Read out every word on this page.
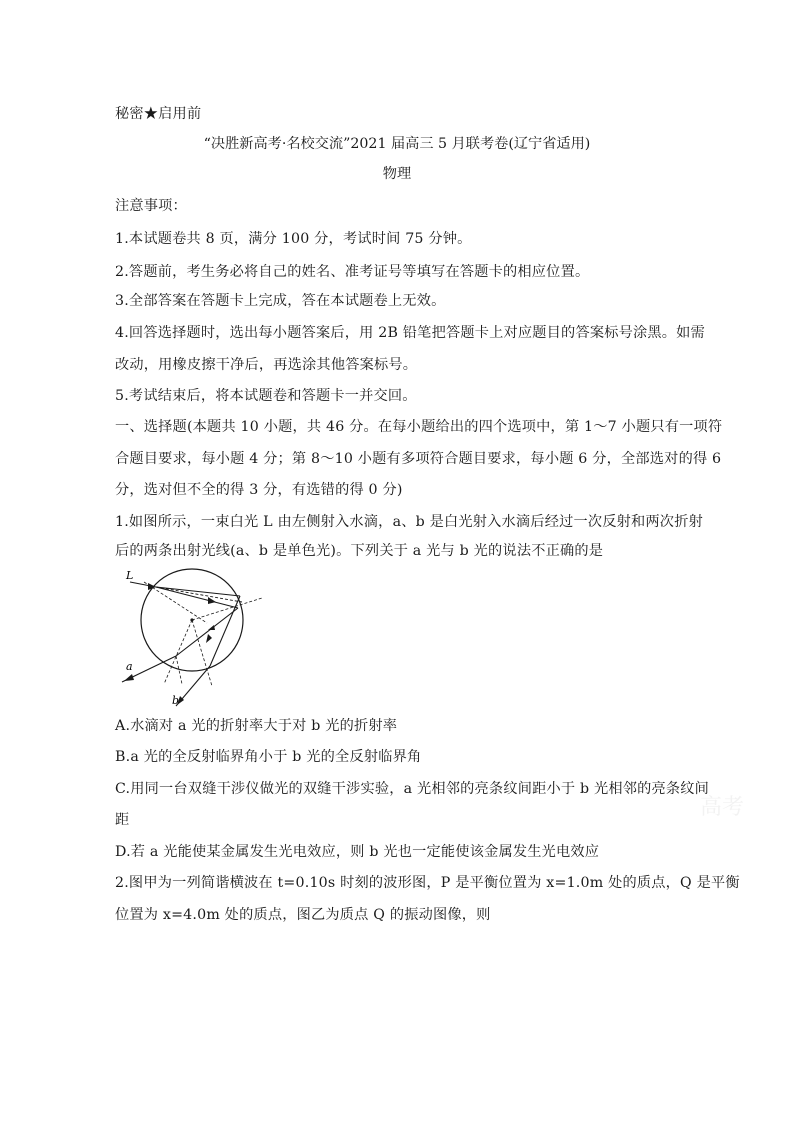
秘密★启用前
“决胜新高考·名校交流”2021 届高三 5 月联考卷(辽宁省适用)
物理
注意事项：
1.本试题卷共 8 页，满分 100 分，考试时间 75 分钟。
2.答题前，考生务必将自己的姓名、准考证号等填写在答题卡的相应位置。
3.全部答案在答题卡上完成，答在本试题卷上无效。
4.回答选择题时，选出每小题答案后，用 2B 铅笔把答题卡上对应题目的答案标号涂黑。如需
改动，用橡皮擦干净后，再选涂其他答案标号。
5.考试结束后，将本试题卷和答题卡一并交回。
一、选择题(本题共 10 小题，共 46 分。在每小题给出的四个选项中，第 1～7 小题只有一项符
合题目要求，每小题 4 分；第 8～10 小题有多项符合题目要求，每小题 6 分，全部选对的得 6
分，选对但不全的得 3 分，有选错的得 0 分)
1.如图所示，一束白光 L 由左侧射入水滴，a、b 是白光射入水滴后经过一次反射和两次折射
后的两条出射光线(a、b 是单色光)。下列关于 a 光与 b 光的说法不正确的是
L
a
b
A.水滴对 a 光的折射率大于对 b 光的折射率
B.a 光的全反射临界角小于 b 光的全反射临界角
C.用同一台双缝干涉仪做光的双缝干涉实验，a 光相邻的亮条纹间距小于 b 光相邻的亮条纹间
距
D.若 a 光能使某金属发生光电效应，则 b 光也一定能使该金属发生光电效应
2.图甲为一列简谐横波在 t=0.10s 时刻的波形图，P 是平衡位置为 x=1.0m 处的质点，Q 是平衡
位置为 x=4.0m 处的质点，图乙为质点 Q 的振动图像，则
高考
